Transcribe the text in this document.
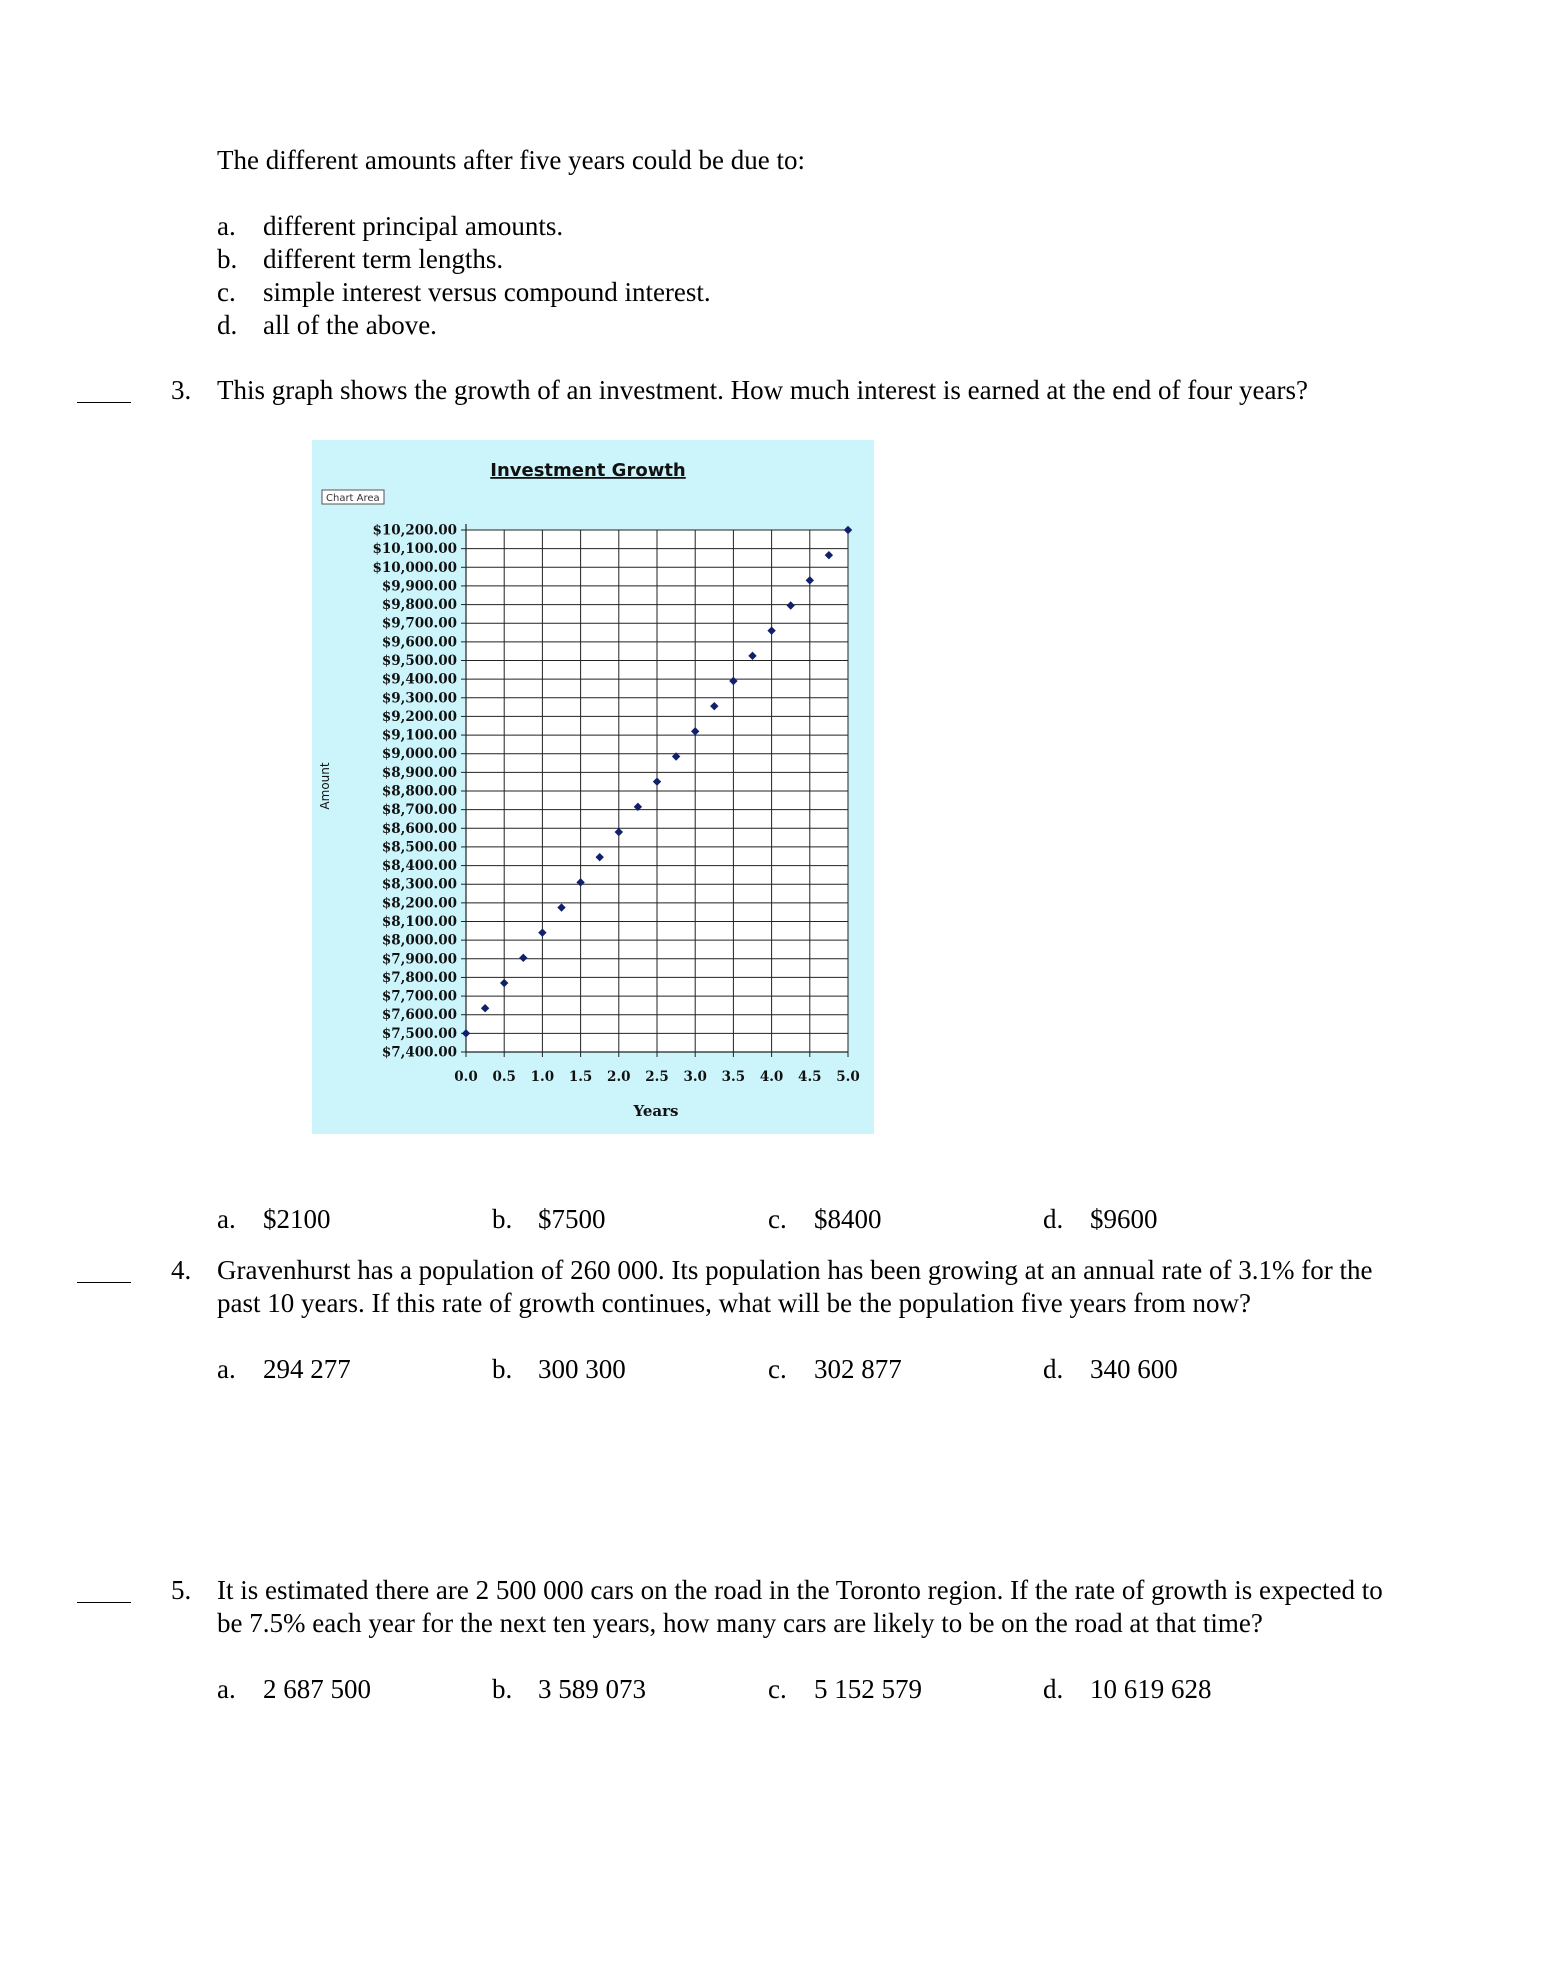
The different amounts after five years could be due to:
a. different principal amounts.
b. different term lengths.
c. simple interest versus compound interest.
d. all of the above.
3. This graph shows the growth of an investment. How much interest is earned at the end of four years?
Investment Growth
Chart Area
Amount
Years
$10,200.00
$10,100.00
$10,000.00
$9,900.00
$9,800.00
$9,700.00
$9,600.00
$9,500.00
$9,400.00
$9,300.00
$9,200.00
$9,100.00
$9,000.00
$8,900.00
$8,800.00
$8,700.00
$8,600.00
$8,500.00
$8,400.00
$8,300.00
$8,200.00
$8,100.00
$8,000.00
$7,900.00
$7,800.00
$7,700.00
$7,600.00
$7,500.00
$7,400.00
0.0 0.5 1.0 1.5 2.0 2.5 3.0 3.5 4.0 4.5 5.0
a. $2100	b. $7500	c. $8400	d. $9600
4. Gravenhurst has a population of 260 000. Its population has been growing at an annual rate of 3.1% for the
past 10 years. If this rate of growth continues, what will be the population five years from now?
a. 294 277	b. 300 300	c. 302 877	d. 340 600
5. It is estimated there are 2 500 000 cars on the road in the Toronto region. If the rate of growth is expected to
be 7.5% each year for the next ten years, how many cars are likely to be on the road at that time?
a. 2 687 500	b. 3 589 073	c. 5 152 579	d. 10 619 628
